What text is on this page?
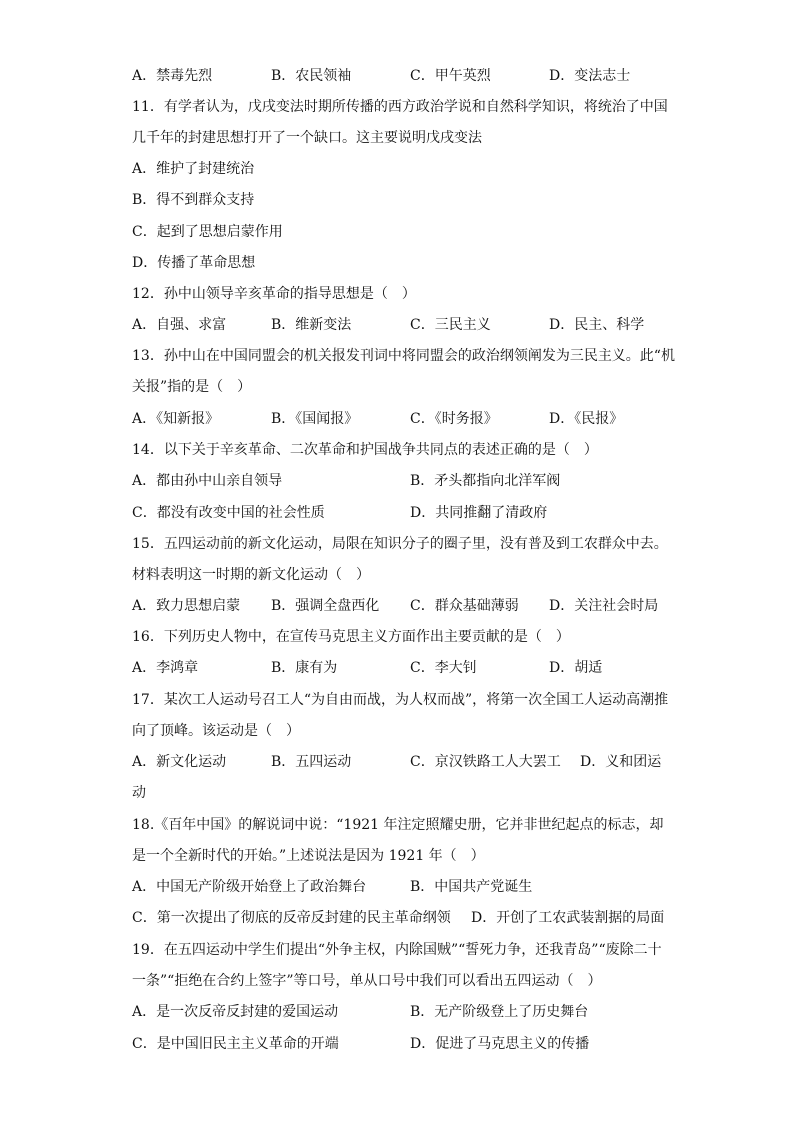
A．禁毒先烈	B．农民领袖	C．甲午英烈	D．变法志士
11．有学者认为，戊戌变法时期所传播的西方政治学说和自然科学知识，将统治了中国
几千年的封建思想打开了一个缺口。这主要说明戊戌变法
A．维护了封建统治
B．得不到群众支持
C．起到了思想启蒙作用
D．传播了革命思想
12．孙中山领导辛亥革命的指导思想是（　）
A．自强、求富	B．维新变法	C．三民主义	D．民主、科学
13．孙中山在中国同盟会的机关报发刊词中将同盟会的政治纲领阐发为三民主义。此“机
关报”指的是（　）
A．《知新报》	B．《国闻报》	C．《时务报》	D．《民报》
14．以下关于辛亥革命、二次革命和护国战争共同点的表述正确的是（　）
A．都由孙中山亲自领导	B．矛头都指向北洋军阀
C．都没有改变中国的社会性质	D．共同推翻了清政府
15．五四运动前的新文化运动，局限在知识分子的圈子里，没有普及到工农群众中去。
材料表明这一时期的新文化运动（　）
A．致力思想启蒙 B．强调全盘西化 C．群众基础薄弱 D．关注社会时局
16．下列历史人物中，在宣传马克思主义方面作出主要贡献的是（　）
A．李鸿章	B．康有为	C．李大钊	D．胡适
17．某次工人运动号召工人“为自由而战，为人权而战”，将第一次全国工人运动高潮推
向了顶峰。该运动是（　）
A．新文化运动	B．五四运动	C．京汉铁路工人大罢工 D．义和团运
动
18.《百年中国》的解说词中说：“1921 年注定照耀史册，它并非世纪起点的标志，却
是一个全新时代的开始。”上述说法是因为 1921 年（　）
A．中国无产阶级开始登上了政治舞台	B．中国共产党诞生
C．第一次提出了彻底的反帝反封建的民主革命纲领 D．开创了工农武装割据的局面
19．在五四运动中学生们提出“外争主权，内除国贼”“誓死力争，还我青岛”“废除二十
一条”“拒绝在合约上签字”等口号，单从口号中我们可以看出五四运动（　）
A．是一次反帝反封建的爱国运动	B．无产阶级登上了历史舞台
C．是中国旧民主主义革命的开端	D．促进了马克思主义的传播
